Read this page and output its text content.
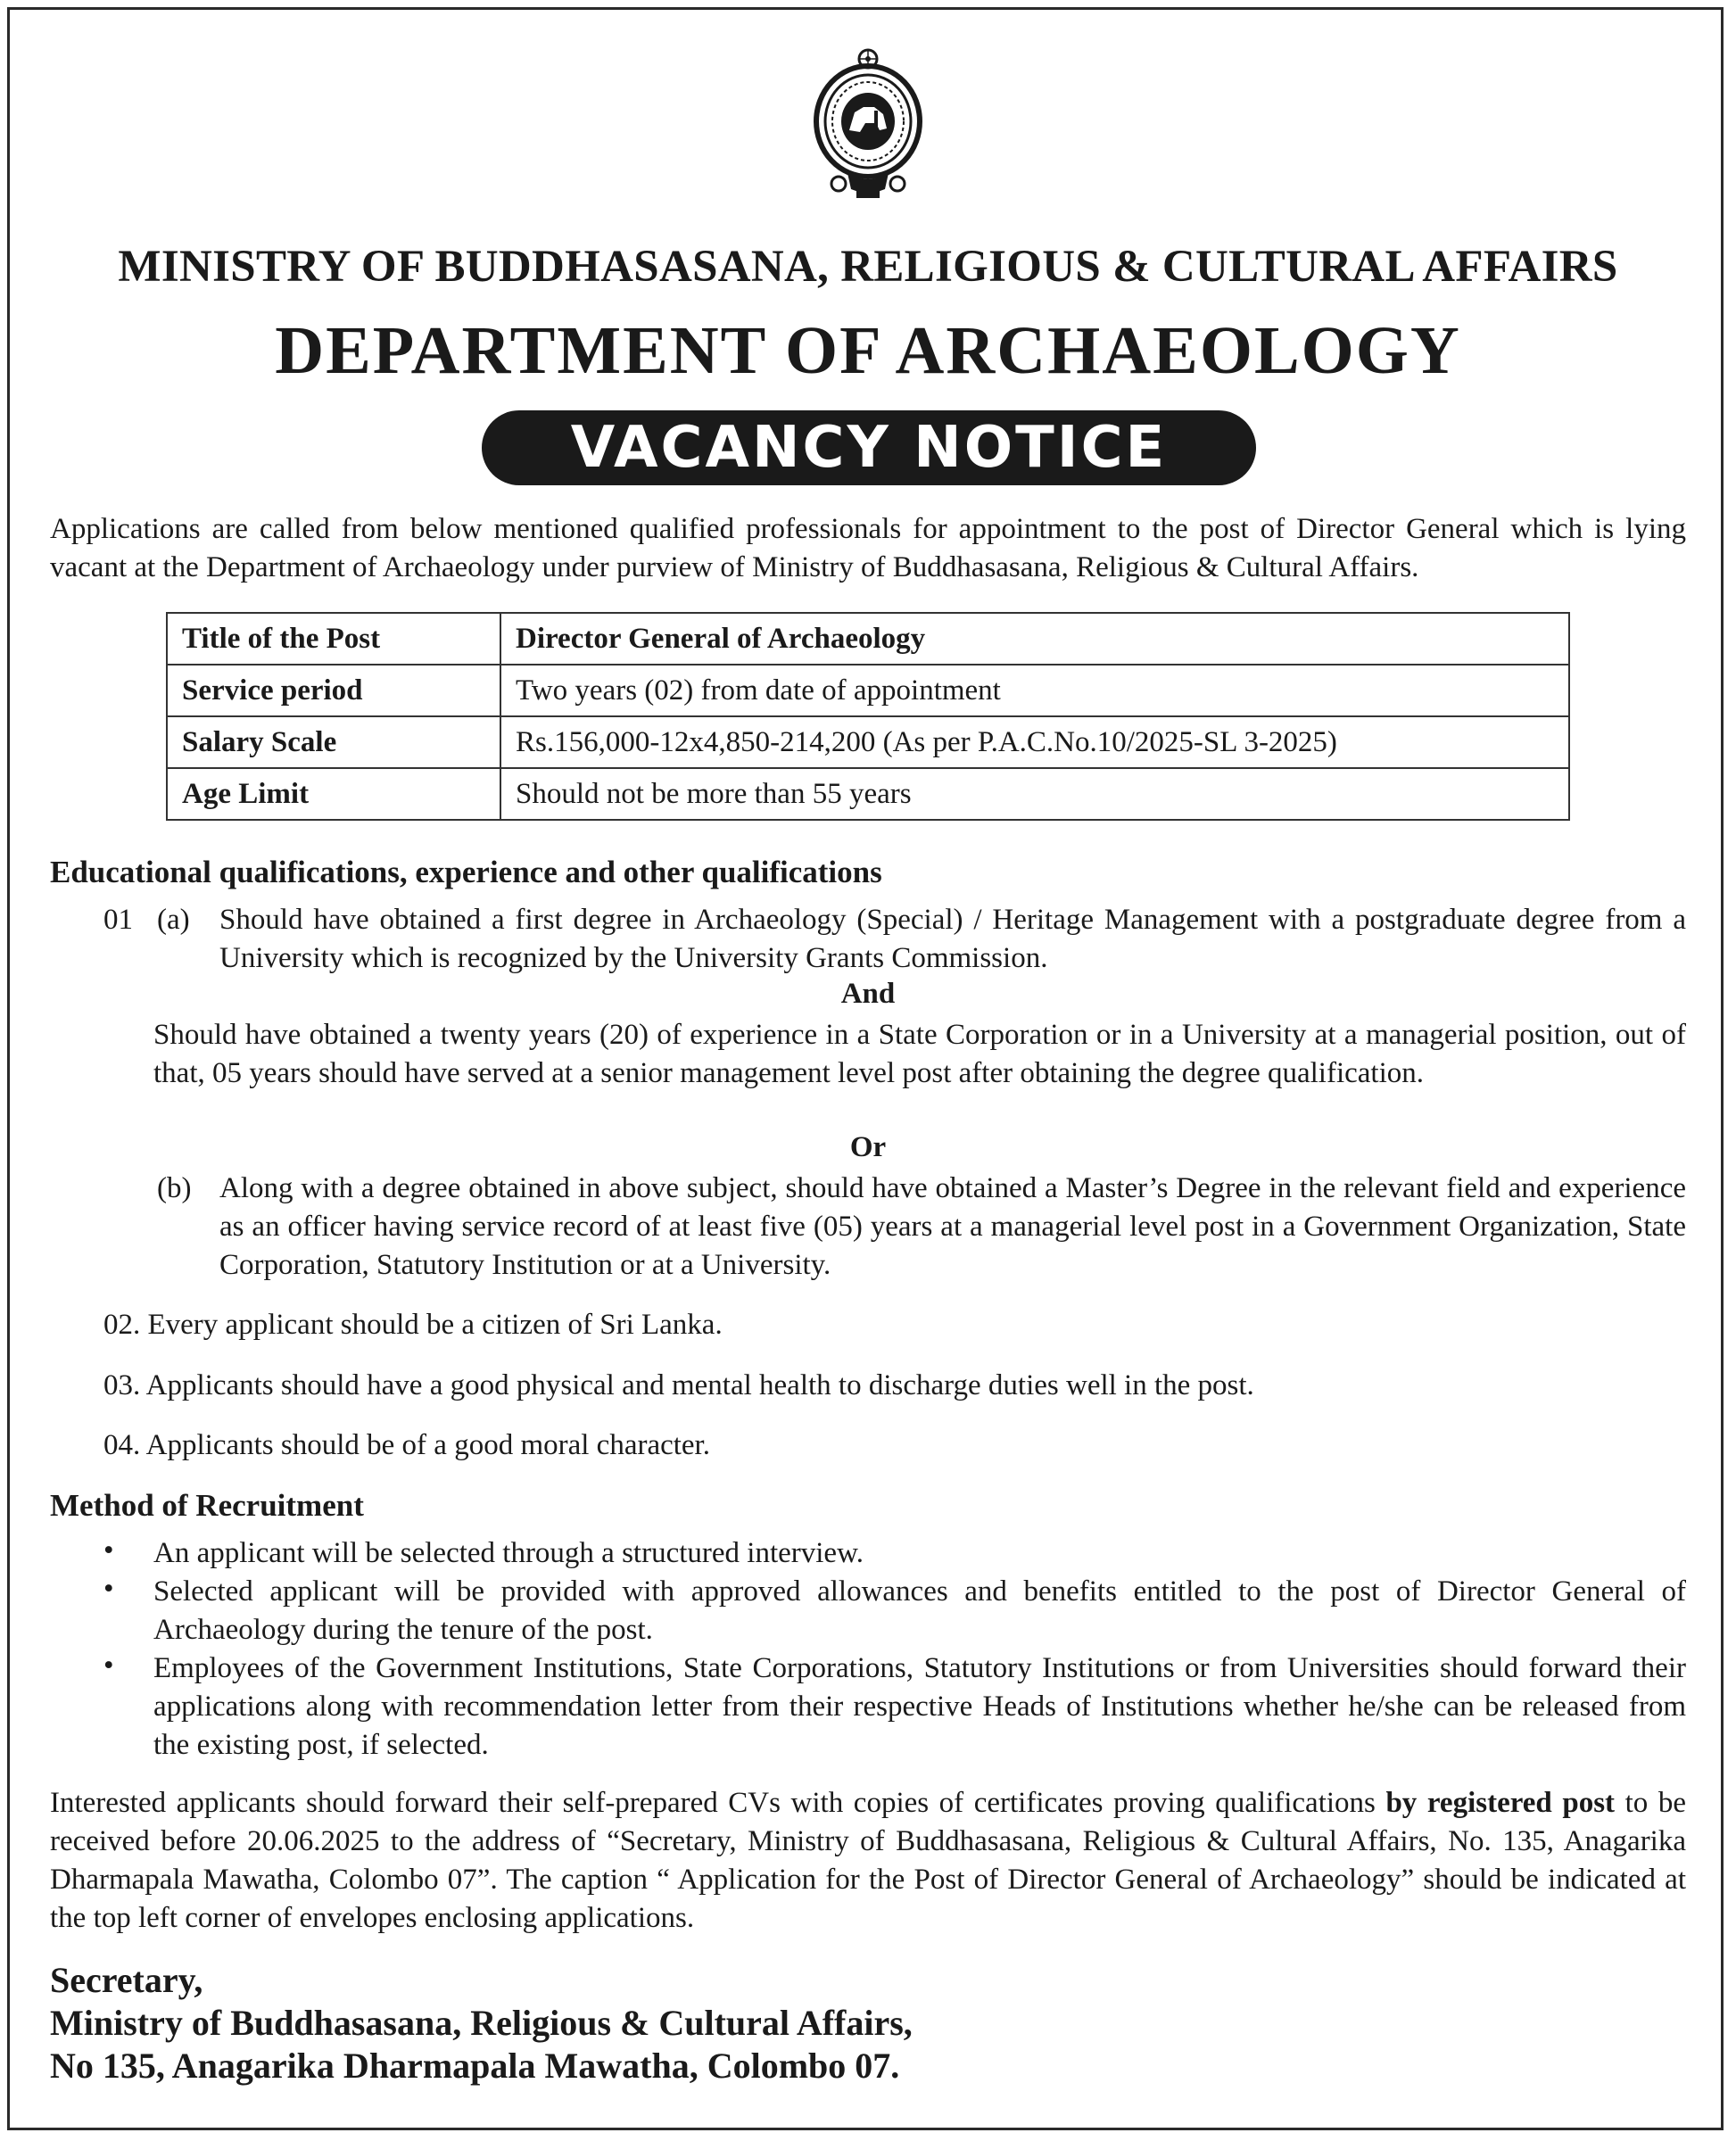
MINISTRY OF BUDDHASASANA, RELIGIOUS & CULTURAL AFFAIRS
DEPARTMENT OF ARCHAEOLOGY
VACANCY NOTICE

Applications are called from below mentioned qualified professionals for appointment to the post of Director General which is lying vacant at the Department of Archaeology under purview of Ministry of Buddhasasana, Religious & Cultural Affairs.

Title of the Post	Director General of Archaeology
Service period	Two years (02) from date of appointment
Salary Scale	Rs.156,000-12x4,850-214,200 (As per P.A.C.No.10/2025-SL 3-2025)
Age Limit	Should not be more than 55 years
Educational qualifications, experience and other qualifications
01 (a) Should have obtained a first degree in Archaeology (Special) / Heritage Management with a postgraduate degree from a University which is recognized by the University Grants Commission.

And

Should have obtained a twenty years (20) of experience in a State Corporation or in a University at a managerial position, out of that, 05 years should have served at a senior management level post after obtaining the degree qualification.

Or

(b) Along with a degree obtained in above subject, should have obtained a Master’s Degree in the relevant field and experience as an officer having service record of at least five (05) years at a managerial level post in a Government Organization, State Corporation, Statutory Institution or at a University.

02. Every applicant should be a citizen of Sri Lanka.

03. Applicants should have a good physical and mental health to discharge duties well in the post.

04. Applicants should be of a good moral character.

Method of Recruitment
• An applicant will be selected through a structured interview.

• Selected applicant will be provided with approved allowances and benefits entitled to the post of Director General of Archaeology during the tenure of the post.

• Employees of the Government Institutions, State Corporations, Statutory Institutions or from Universities should forward their applications along with recommendation letter from their respective Heads of Institutions whether he/she can be released from the existing post, if selected.

Interested applicants should forward their self-prepared CVs with copies of certificates proving qualifications by registered post to be received before 20.06.2025 to the address of “Secretary, Ministry of Buddhasasana, Religious & Cultural Affairs, No. 135, Anagarika Dharmapala Mawatha, Colombo 07”. The caption “ Application for the Post of Director General of Archaeology” should be indicated at the top left corner of envelopes enclosing applications.

Secretary,
Ministry of Buddhasasana, Religious & Cultural Affairs,
No 135, Anagarika Dharmapala Mawatha, Colombo 07.
